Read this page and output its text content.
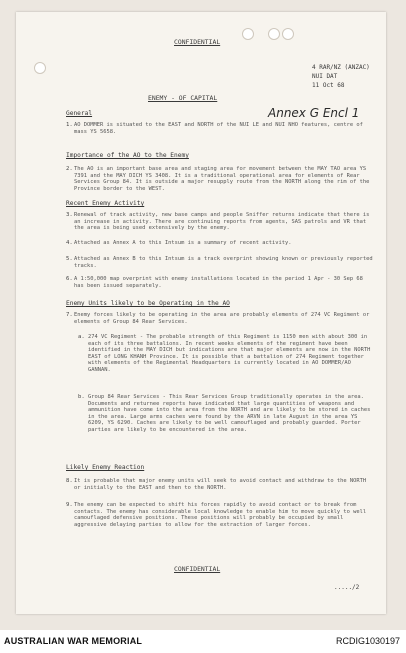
CONFIDENTIAL
4 RAR/NZ (ANZAC)
NUI DAT
11 Oct 68
ENEMY - OF CAPITAL
Annex G Encl 1
General
1. AO DOMMER is situated to the EAST and NORTH of the NUI LE and NUI NHO features, centre of mass YS 5658.
Importance of the AO to the Enemy
2. The AO is an important base area and staging area for movement between the MAY TAO area YS 7391 and the MAY DICH YS 3408. It is a traditional operational area for elements of Rear Services Group 84. It is outside a major resupply route from the NORTH along the rim of the Province border to the WEST.
Recent Enemy Activity
3. Renewal of track activity, new base camps and people Sniffer returns indicate that there is an increase in activity. There are continuing reports from agents, SAS patrols and VR that the area is being used extensively by the enemy.
4. Attached as Annex A to this Intsum is a summary of recent activity.
5. Attached as Annex B to this Intsum is a track overprint showing known or previously reported tracks.
6. A 1:50,000 map overprint with enemy installations located in the period 1 Apr - 30 Sep 68 has been issued separately.
Enemy Units likely to be Operating in the AO
7. Enemy forces likely to be operating in the area are probably elements of 274 VC Regiment or elements of Group 84 Rear Services.
a. 274 VC Regiment - The probable strength of this Regiment is 1150 men with about 300 in each of its three battalions. In recent weeks elements of the regiment have been identified in the MAY DICH but indications are that major elements are now in the NORTH EAST of LONG KHANH Province. It is possible that a battalion of 274 Regiment together with elements of the Regimental Headquarters is currently located in AO DOMMER/AO GANNAN.
b. Group 84 Rear Services - This Rear Services Group traditionally operates in the area. Documents and returnee reports have indicated that large quantities of weapons and ammunition have come into the area from the NORTH and are likely to be stored in caches in the area. Large arms caches were found by the ARVN in late August in the area YS 6209, YS 6290. Caches are likely to be well camouflaged and probably guarded. Porter parties are likely to be encountered in the area.
Likely Enemy Reaction
8. It is probable that major enemy units will seek to avoid contact and withdraw to the NORTH or initially to the EAST and then to the NORTH.
9. The enemy can be expected to shift his forces rapidly to avoid contact or to break from contacts. The enemy has considerable local knowledge to enable him to move quickly to well camouflaged defensive positions. These positions will probably be occupied by small aggressive delaying parties to allow for the extraction of larger forces.
CONFIDENTIAL
...../2
AUSTRALIAN WAR MEMORIAL	RCDIG1030197
